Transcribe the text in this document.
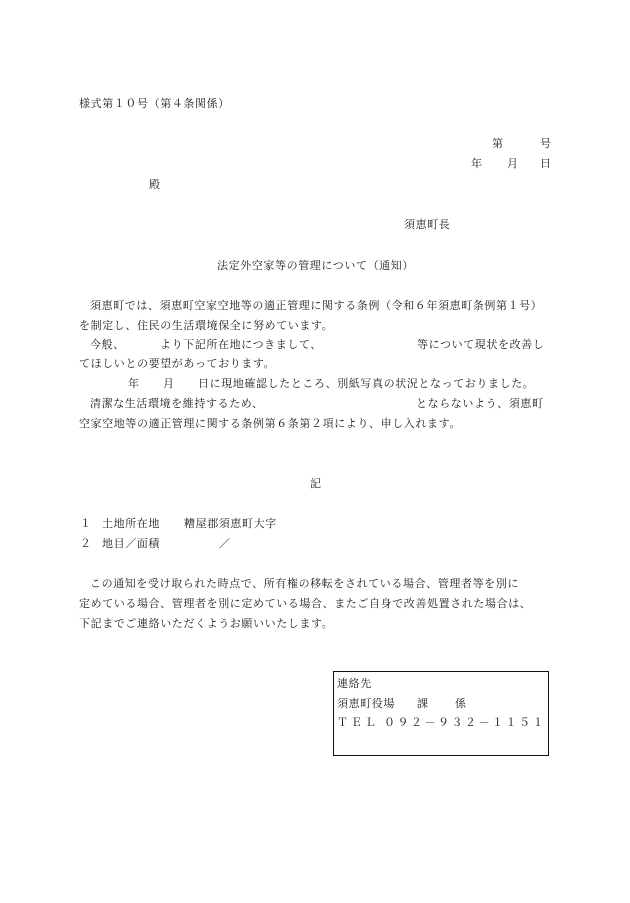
様式第１０号（第４条関係）
第	号
年 月 日
殿
須恵町長
法定外空家等の管理について（通知）
須恵町では、須恵町空家空地等の適正管理に関する条例（令和６年須恵町条例第１号）
を制定し、住民の生活環境保全に努めています。
今般、	より下記所在地につきまして、	等について現状を改善し
てほしいとの要望があっております。
年 月 日に現地確認したところ、別紙写真の状況となっておりました。
清潔な生活環境を維持するため、	とならないよう、須恵町
空家空地等の適正管理に関する条例第６条第２項により、申し入れます。
記
１ 土地所在地 糟屋郡須恵町大字
２ 地目／面積	／
この通知を受け取られた時点で、所有権の移転をされている場合、管理者等を別に
定めている場合、管理者を別に定めている場合、またご自身で改善処置された場合は、
下記までご連絡いただくようお願いいたします。
連絡先
須恵町役場 課 係
ＴＥＬ ０９２－９３２－１１５１
